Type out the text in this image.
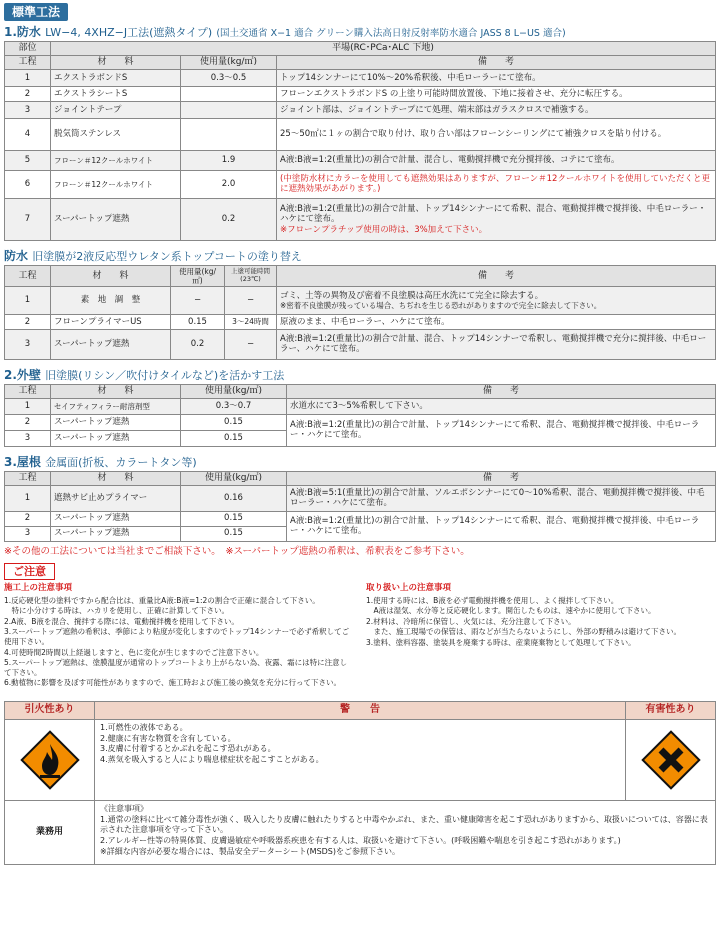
標準工法
1.防水 LW−4, 4XHZ−J工法(遮熱タイプ) (国土交通省 X−1 適合 グリーン購入法高日射反射率防水適合 JASS 8 L−US 適合)
部位	平場(RC･PCa･ALC 下地)		
工程	材　　料	使用量(kg/㎡)	備　　考
1	エクストラボンドS	0.3〜0.5	トップ14シンナーにて10%〜20%希釈後、中毛ローラーにて塗布。
2	エクストラシートS		フローンエクストラボンドS の上塗り可能時間放置後、下地に接着させ、充分に転圧する。
3	ジョイントテープ		ジョイント部は、ジョイントテープにて処理、端末部はガラスクロスで補強する。
4	脱気筒ステンレス		25〜50㎡に１ヶの割合で取り付け、取り合い部はフローンシーリングにて補強クロスを貼り付ける。
5	フローン＃12クールホワイト	1.9	A液:B液=1:2(重量比)の割合で計量、混合し、電動撹拌機で充分撹拌後、コテにて塗布。
6	フローン＃12クールホワイト	2.0	(中塗防水材にカラーを使用しても遮熱効果はありますが、フローン＃12クールホワイトを使用していただくと更に遮熱効果があがります。)
7	スーパートップ遮熱	0.2	A液:B液=1:2(重量比)の割合で計量、トップ14シンナーにて希釈、混合、電動撹拌機で撹拌後、中毛ローラー・ハケにて塗布。
※フローンプラチップ使用の時は、3%加えて下さい。
防水 旧塗膜が2液反応型ウレタン系トップコートの塗り替え
工程	材　　料	使用量(kg/㎡)	上塗可能時間
(23℃)	備　　考
1	素　地　調　整	−	−	ゴミ、土等の異物及び密着不良塗膜は高圧水洗にて完全に除去する。
※密着不良塗膜が残っている場合、ちぢれを生じる恐れがありますので完全に除去して下さい。

2	フローンプライマーUS	0.15	3〜24時間	原液のまま、中毛ローラー、ハケにて塗布。
3	スーパートップ遮熱	0.2	−	A液:B液=1:2(重量比)の割合で計量、混合、トップ14シンナーで希釈し、電動撹拌機で充分に撹拌後、中毛ローラー、ハケにて塗布。
2.外壁 旧塗膜(リシン／吹付けタイルなど)を活かす工法
工程	材　　料	使用量(kg/㎡)	備　　考
1	セイフティフィラー耐溶剤型	0.3〜0.7	水道水にて3〜5%希釈して下さい。
2	スーパートップ遮熱	0.15	A液:B液=1:2(重量比)の割合で計量、トップ14シンナーにて希釈、混合、電動撹拌機で撹拌後、中毛ローラー・ハケにて塗布。
3	スーパートップ遮熱	0.15	
3.屋根 金属面(折板、カラートタン等)
工程	材　　料	使用量(kg/㎡)	備　　考
1	遮熱サビ止めプライマー	0.16	A液:B液=5:1(重量比)の割合で計量、ソルエポシンナーにて0〜10%希釈、混合、電動撹拌機で撹拌後、中毛ローラー・ハケにて塗布。
2	スーパートップ遮熱	0.15	A液:B液=1:2(重量比)の割合で計量、トップ14シンナーにて希釈、混合、電動撹拌機で撹拌後、中毛ローラー・ハケにて塗布。
3	スーパートップ遮熱	0.15	
※その他の工法については当社までご相談下さい。　※スーパートップ遮熱の希釈は、希釈表をご参考下さい。
ご注意
施工上の注意事項
1.反応硬化型の塗料ですから配合比は、重量比A液:B液=1:2の割合で正確に混合して下さい。
　特に小分けする時は、ハカリを使用し、正確に計算して下さい。
2.A液、B液を混合、撹拌する際には、電動撹拌機を使用して下さい。
3.スーパートップ遮熱の希釈は、季節により粘度が変化しますのでトップ14シンナーで必ず希釈してご使用下さい。
4.可使時間2時間以上経過しますと、色に変化が生じますのでご注意下さい。
5.スーパートップ遮熱は、塗膜温度が通常のトップコートより上がらない為、夜露、霜には特に注意して下さい。
6.動植物に影響を及ぼす可能性がありますので、施工時および施工後の換気を充分に行って下さい。
取り扱い上の注意事項
1.使用する時には、B液を必ず電動撹拌機を使用し、よく撹拌して下さい。
　A液は湿気、水分等と反応硬化します。開缶したものは、速やかに使用して下さい。
2.材料は、冷暗所に保管し、火気には、充分注意して下さい。
　また、施工現場での保管は、雨などが当たらないようにし、外部の野積みは避けて下さい。
3.塗料、塗料容器、塗装具を廃棄する時は、産業廃棄物として処理して下さい。
引火性あり	警　　告	有害性あり

1.可燃性の液体である。
2.健康に有害な物質を含有している。
3.皮膚に付着するとかぶれを起こす恐れがある。
4.蒸気を吸入すると人により喘息様症状を起こすことがある。

業務用	《注意事項》
1.通常の塗料に比べて雑分毒性が強く、吸入したり皮膚に触れたりすると中毒やかぶれ、また、重い健康障害を起こす恐れがありますから、取扱いについては、容器に表示された注意事項を守って下さい。
2.アレルギー性等の特異体質、皮膚過敏症や呼吸器系疾患を有する人は、取扱いを避けて下さい。(呼吸困難や喘息を引き起こす恐れがあります。)
※詳細な内容が必要な場合には、製品安全データーシート(MSDS)をご参照下さい。	
